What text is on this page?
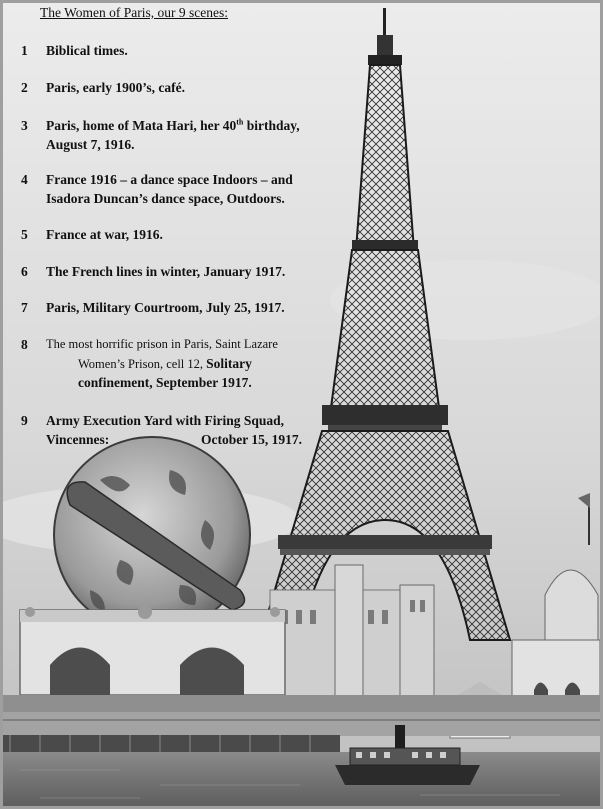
The Women of Paris, our 9 scenes:
1 Biblical times.
2 Paris, early 1900’s, café.
3 Paris, home of Mata Hari, her 40th birthday,
August 7, 1916.
4 France 1916 – a dance space Indoors – and
Isadora Duncan’s dance space, Outdoors.
5 France at war, 1916.
6 The French lines in winter, January 1917.
7 Paris, Military Courtroom, July 25, 1917.
8 The most horrific prison in Paris, Saint Lazare
Women’s Prison, cell 12, Solitary
confinement, September 1917.
9 Army Execution Yard with Firing Squad,
Vincennes:	October 15, 1917.
